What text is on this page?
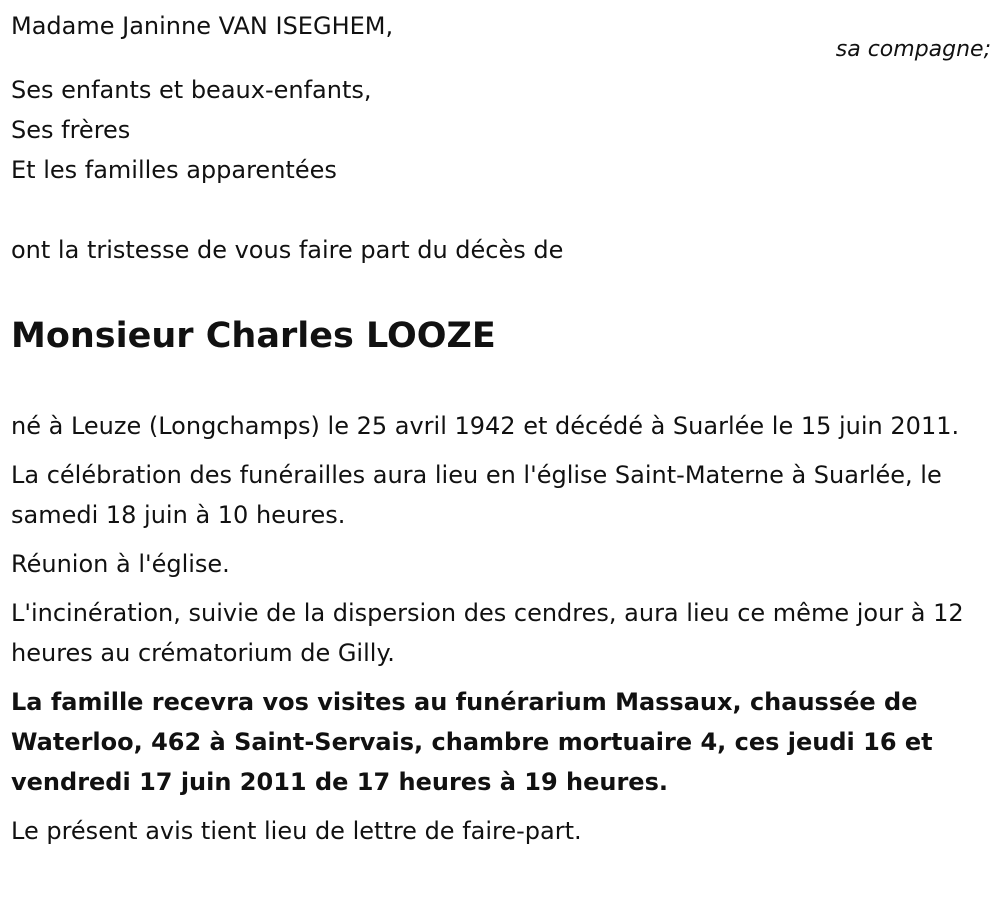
Madame Janinne VAN ISEGHEM,

sa compagne;

Ses enfants et beaux-enfants,

Ses frères

Et les familles apparentées

ont la tristesse de vous faire part du décès de

Monsieur Charles LOOZE

né à Leuze (Longchamps) le 25 avril 1942 et décédé à Suarlée le 15 juin 2011.

La célébration des funérailles aura lieu en l'église Saint-Materne à Suarlée, le samedi 18 juin à 10 heures.

Réunion à l'église.

L'incinération, suivie de la dispersion des cendres, aura lieu ce même jour à 12 heures au crématorium de Gilly.

La famille recevra vos visites au funérarium Massaux, chaussée de Waterloo, 462 à Saint-Servais, chambre mortuaire 4, ces jeudi 16 et vendredi 17 juin 2011 de 17 heures à 19 heures.

Le présent avis tient lieu de lettre de faire-part.
